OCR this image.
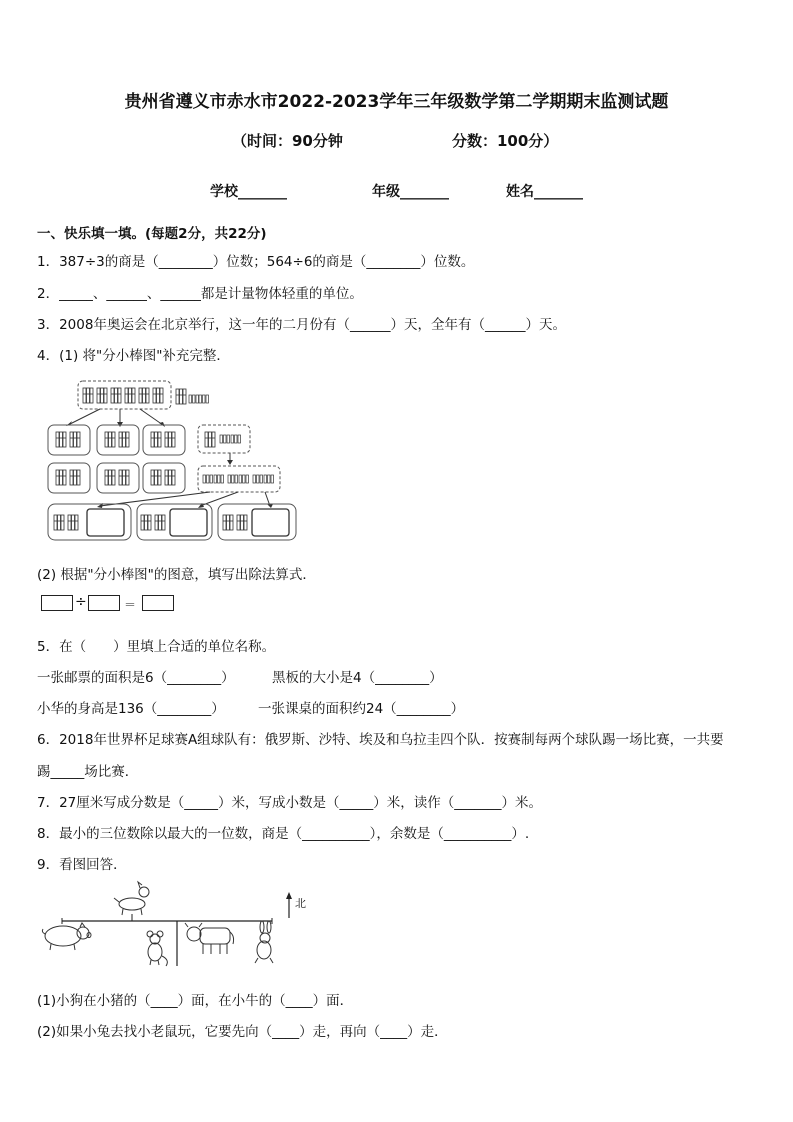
贵州省遵义市赤水市2022-2023学年三年级数学第二学期期末监测试题
（时间：90分钟	分数：100分）
学校_______	年级_______	姓名_______
一、快乐填一填。(每题2分，共22分)
1．387÷3的商是（________）位数；564÷6的商是（________）位数。
2．_____、______、______都是计量物体轻重的单位。
3．2008年奥运会在北京举行，这一年的二月份有（______）天，全年有（______）天。
4．(1) 将"分小棒图"补充完整．
(2) 根据"分小棒图"的图意，填写出除法算式．
÷	＝
5．在（　　）里填上合适的单位名称。
一张邮票的面积是6（________）	黑板的大小是4（________）
小华的身高是136（________） 一张课桌的面积约24（________）
6．2018年世界杯足球赛A组球队有：俄罗斯、沙特、埃及和乌拉圭四个队．按赛制每两个球队踢一场比赛，一共要
踢_____场比赛．
7．27厘米写成分数是（_____）米，写成小数是（_____）米，读作（_______）米。
8．最小的三位数除以最大的一位数，商是（__________），余数是（__________）.
9．看图回答．
北
(1)小狗在小猪的（____）面，在小牛的（____）面．
(2)如果小兔去找小老鼠玩，它要先向（____）走，再向（____）走．
